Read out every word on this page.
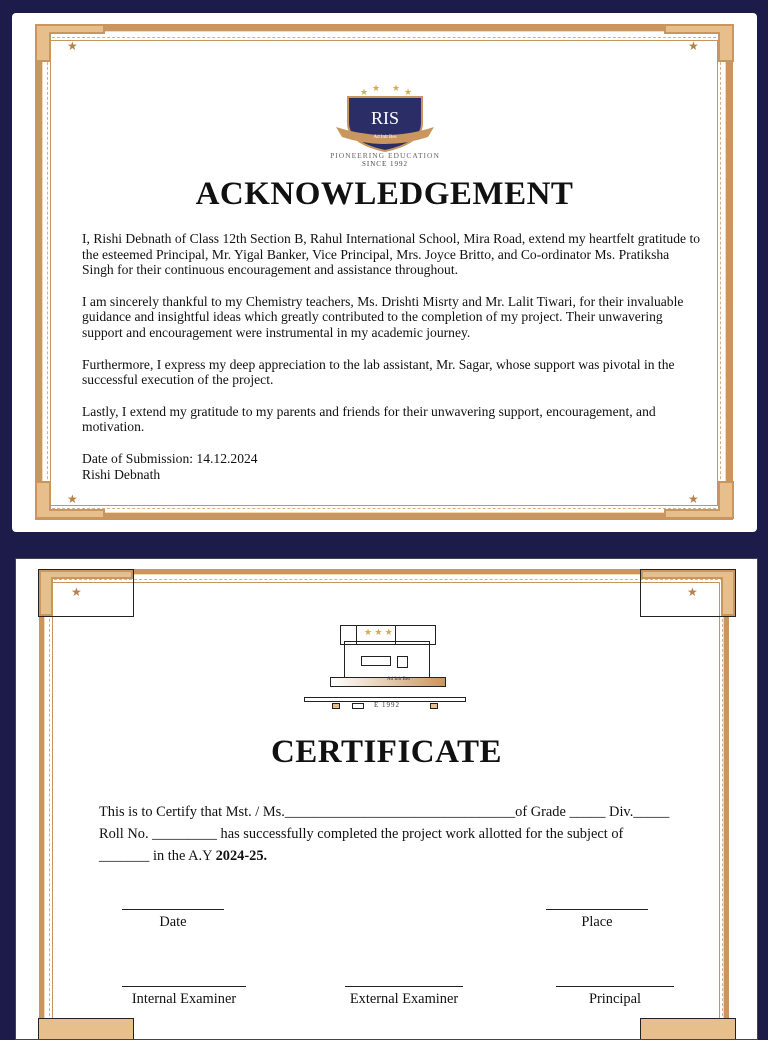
★	★
★	★
★ ★ ★ ★
RIS
Ad Inlt Bes
PIONEERING EDUCATION
SINCE 1992
ACKNOWLEDGEMENT

I, Rishi Debnath of Class 12th Section B, Rahul International School, Mira Road, extend my heartfelt gratitude to the esteemed Principal, Mr. Yigal Banker, Vice Principal, Mrs. Joyce Britto, and Co-ordinator Ms. Pratiksha Singh for their continuous encouragement and assistance throughout.

I am sincerely thankful to my Chemistry teachers, Ms. Drishti Misrty and Mr. Lalit Tiwari, for their invaluable guidance and insightful ideas which greatly contributed to the completion of my project. Their unwavering support and encouragement were instrumental in my academic journey.

Furthermore, I express my deep appreciation to the lab assistant, Mr. Sagar, whose support was pivotal in the successful execution of the project.

Lastly, I extend my gratitude to my parents and friends for their unwavering support, encouragement, and motivation.

Date of Submission: 14.12.2024

Rishi Debnath

★	★
★ ★ ★
Ad Inlt Bes
E 1992
CERTIFICATE
This is to Certify that Mst. / Ms.________________________________of Grade _____ Div._____
Roll No. _________ has successfully completed the project work allotted for the subject of
_______ in the A.Y 2024-25.
Date	Place
Internal Examiner	External Examiner	Principal
